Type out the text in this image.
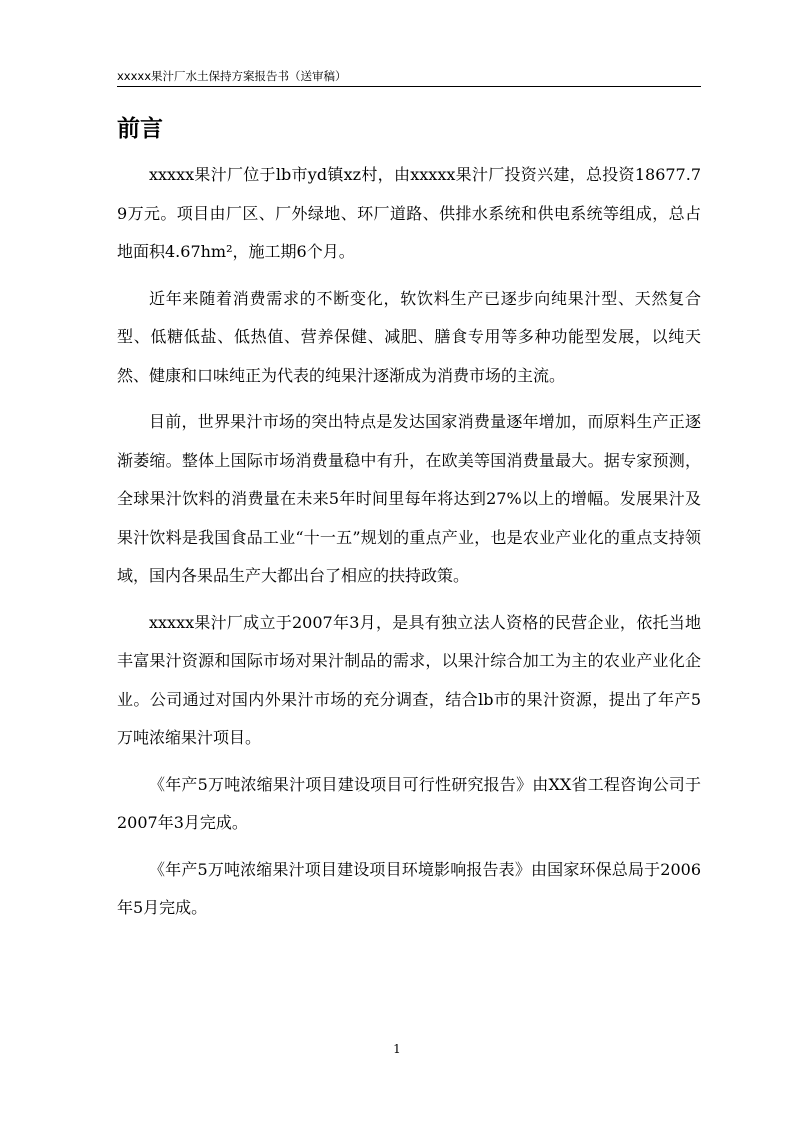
xxxxx果汁厂水土保持方案报告书（送审稿）
前言

xxxxx果汁厂位于lb市yd镇xz村，由xxxxx果汁厂投资兴建，总投资18677.79万元。项目由厂区、厂外绿地、环厂道路、供排水系统和供电系统等组成，总占地面积4.67hm²，施工期6个月。

近年来随着消费需求的不断变化，软饮料生产已逐步向纯果汁型、天然复合型、低糖低盐、低热值、营养保健、减肥、膳食专用等多种功能型发展，以纯天然、健康和口味纯正为代表的纯果汁逐渐成为消费市场的主流。

目前，世界果汁市场的突出特点是发达国家消费量逐年增加，而原料生产正逐渐萎缩。整体上国际市场消费量稳中有升，在欧美等国消费量最大。据专家预测，全球果汁饮料的消费量在未来5年时间里每年将达到27%以上的增幅。发展果汁及果汁饮料是我国食品工业“十一五”规划的重点产业，也是农业产业化的重点支持领域，国内各果品生产大都出台了相应的扶持政策。

xxxxx果汁厂成立于2007年3月，是具有独立法人资格的民营企业，依托当地丰富果汁资源和国际市场对果汁制品的需求，以果汁综合加工为主的农业产业化企业。公司通过对国内外果汁市场的充分调查，结合lb市的果汁资源，提出了年产5万吨浓缩果汁项目。

《年产5万吨浓缩果汁项目建设项目可行性研究报告》由XX省工程咨询公司于2007年3月完成。

《年产5万吨浓缩果汁项目建设项目环境影响报告表》由国家环保总局于2006年5月完成。

1
